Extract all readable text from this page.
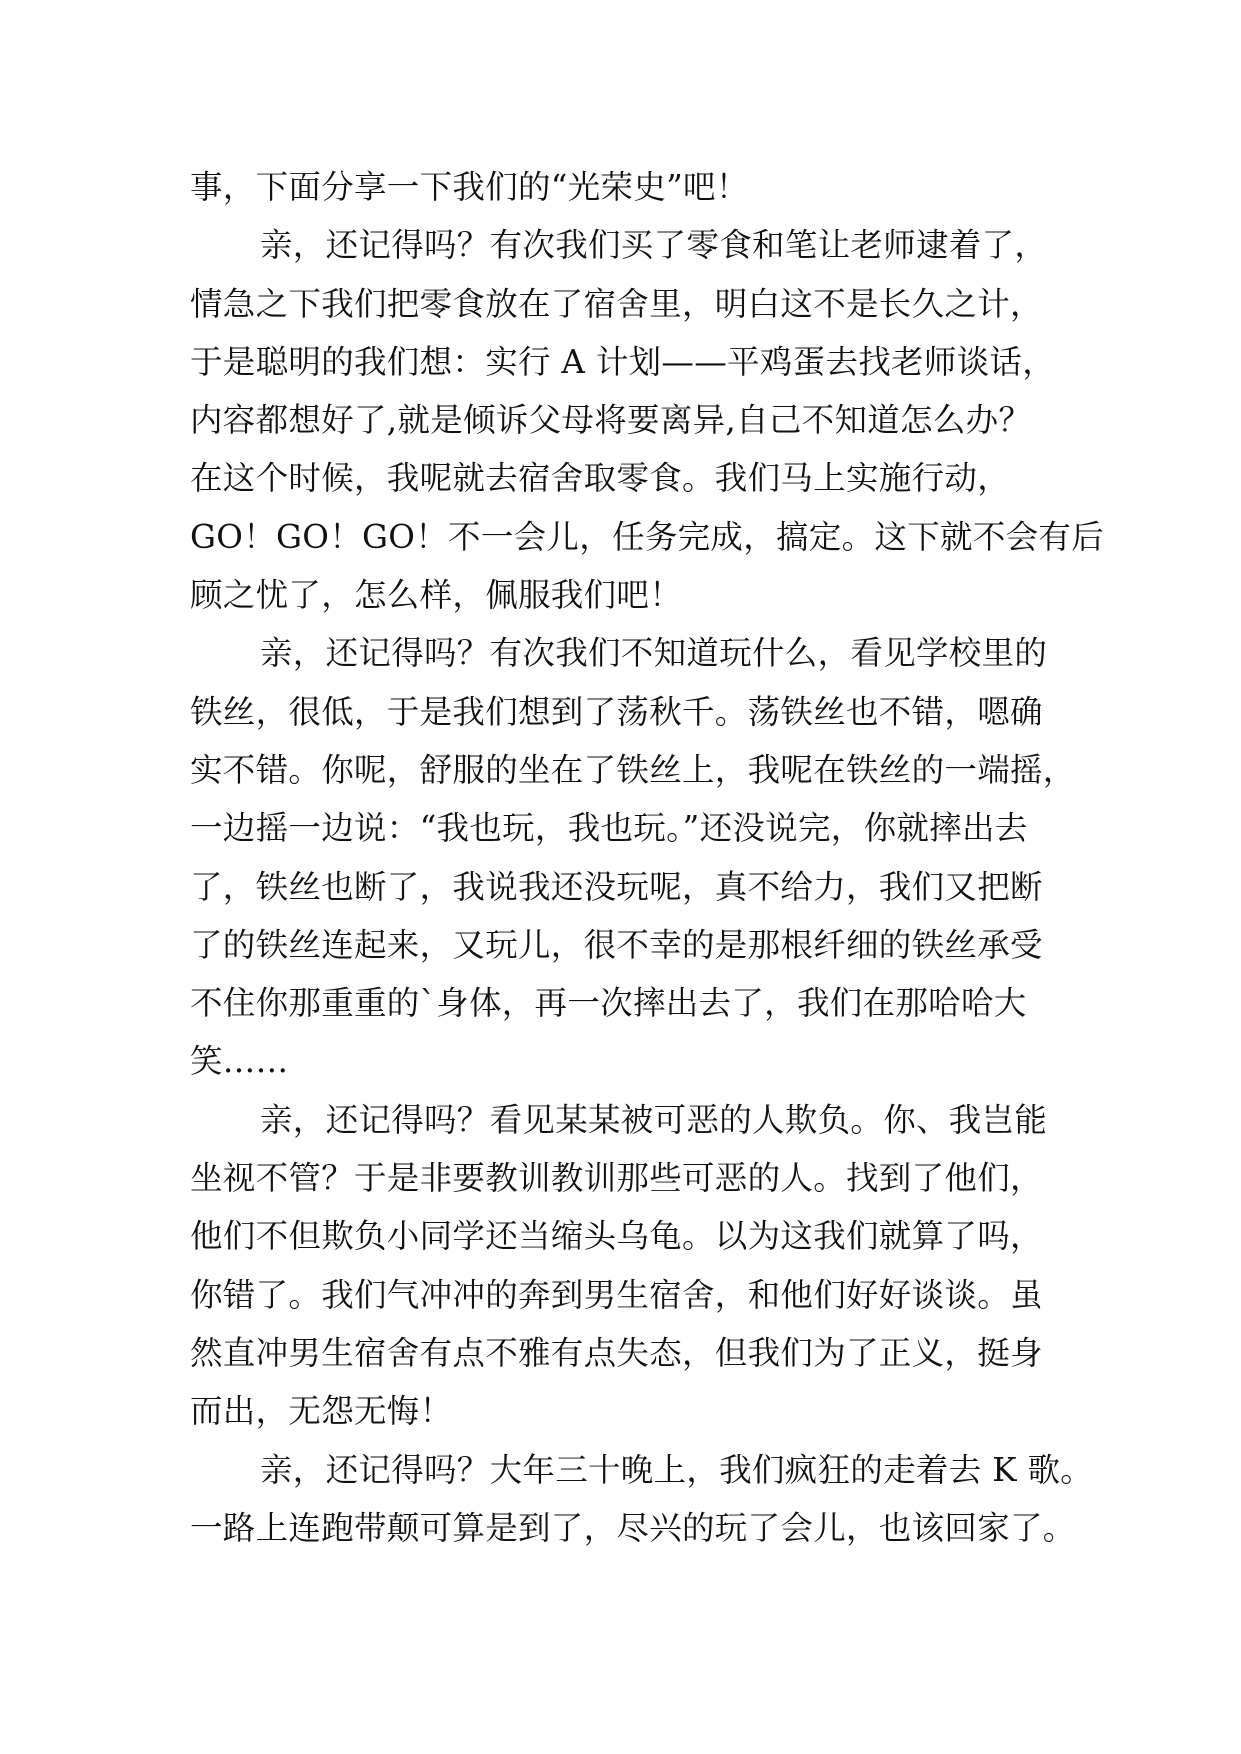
事，下面分享一下我们的“光荣史”吧！

亲，还记得吗？有次我们买了零食和笔让老师逮着了，
情急之下我们把零食放在了宿舍里，明白这不是长久之计，
于是聪明的我们想：实行 A 计划——平鸡蛋去找老师谈话，
内容都想好了,就是倾诉父母将要离异,自己不知道怎么办？
在这个时候，我呢就去宿舍取零食。我们马上实施行动，
GO！GO！GO！不一会儿，任务完成，搞定。这下就不会有后
顾之忧了，怎么样，佩服我们吧！

亲，还记得吗？有次我们不知道玩什么，看见学校里的
铁丝，很低，于是我们想到了荡秋千。荡铁丝也不错，嗯确
实不错。你呢，舒服的坐在了铁丝上，我呢在铁丝的一端摇，
一边摇一边说：“我也玩，我也玩。”还没说完，你就摔出去
了，铁丝也断了，我说我还没玩呢，真不给力，我们又把断
了的铁丝连起来，又玩儿，很不幸的是那根纤细的铁丝承受
不住你那重重的`身体，再一次摔出去了，我们在那哈哈大
笑……

亲，还记得吗？看见某某被可恶的人欺负。你、我岂能
坐视不管？于是非要教训教训那些可恶的人。找到了他们，
他们不但欺负小同学还当缩头乌龟。以为这我们就算了吗，
你错了。我们气冲冲的奔到男生宿舍，和他们好好谈谈。虽
然直冲男生宿舍有点不雅有点失态，但我们为了正义，挺身
而出，无怨无悔！

亲，还记得吗？大年三十晚上，我们疯狂的走着去 K 歌。
一路上连跑带颠可算是到了，尽兴的玩了会儿，也该回家了。
